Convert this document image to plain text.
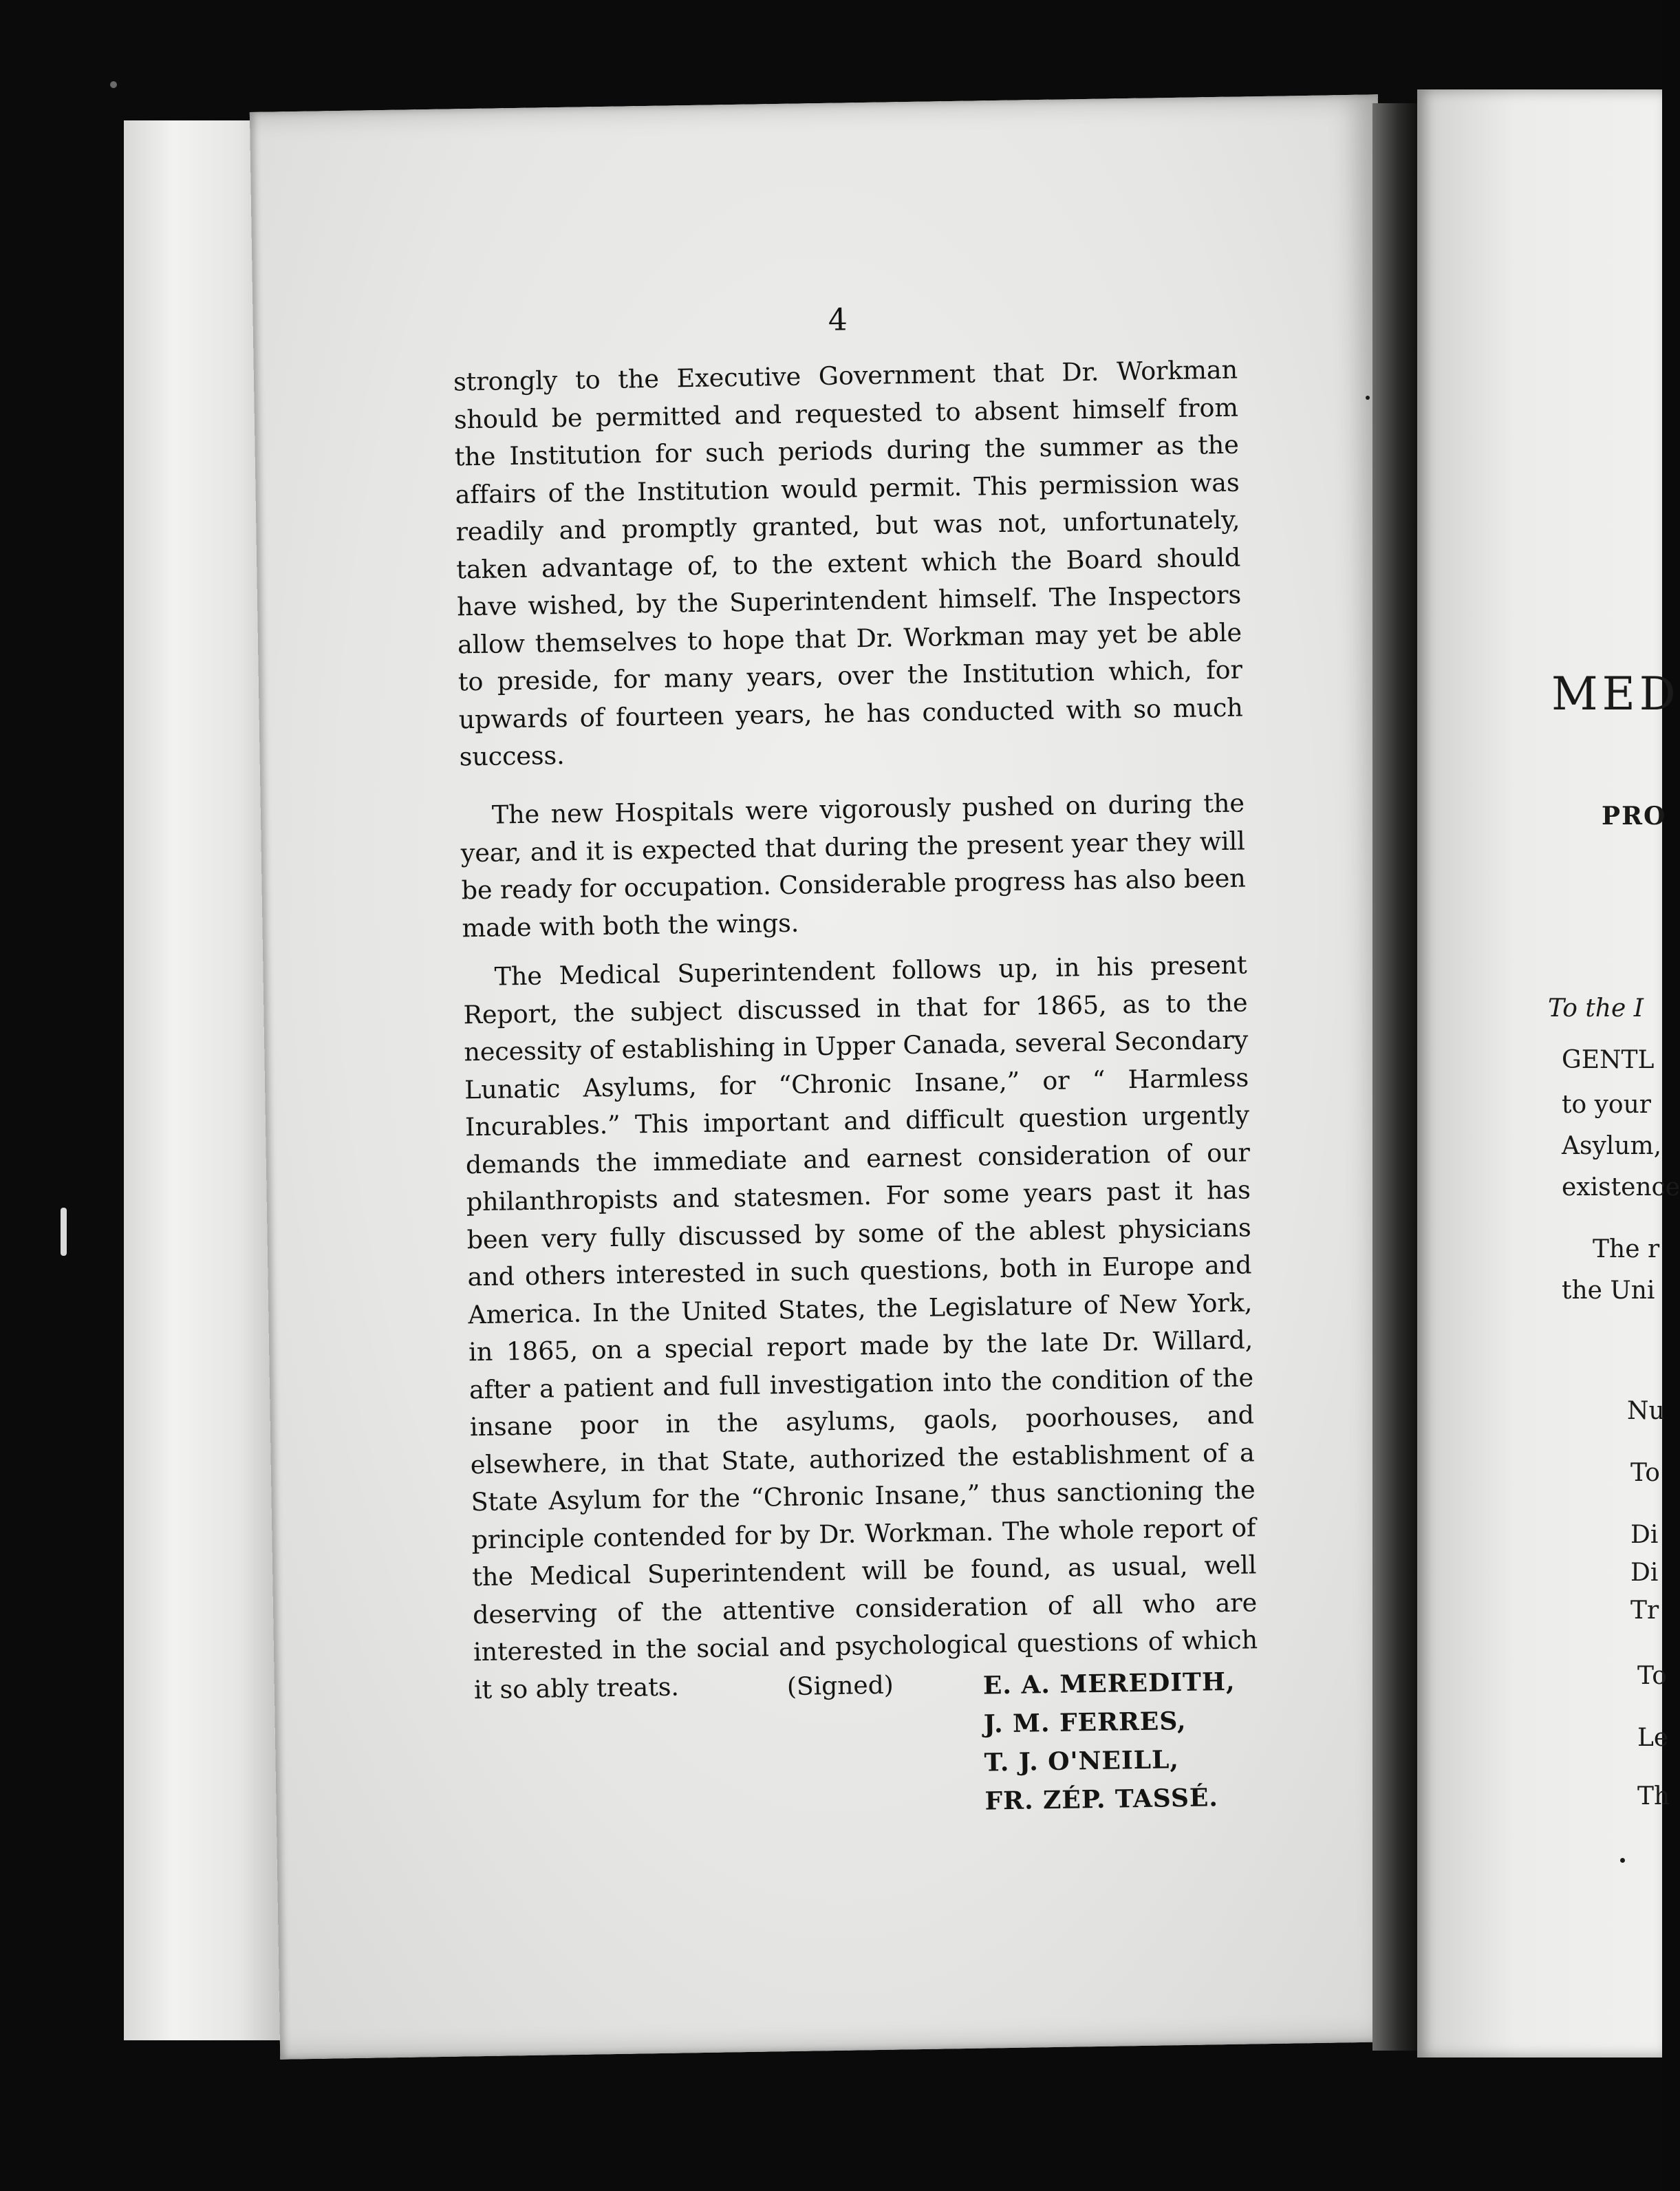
4

strongly to the Executive Government that Dr. Workman should be permitted and requested to absent himself from the Institution for such periods during the summer as the affairs of the Institution would permit. This permission was readily and promptly granted, but was not, unfortunately, taken advantage of, to the extent which the Board should have wished, by the Superintendent himself. The Inspectors allow themselves to hope that Dr. Workman may yet be able to preside, for many years, over the Institution which, for upwards of fourteen years, he has conducted with so much success.

The new Hospitals were vigorously pushed on during the year, and it is expected that during the present year they will be ready for occupation. Considerable progress has also been made with both the wings.

The Medical Superintendent follows up, in his present Report, the subject discussed in that for 1865, as to the necessity of establishing in Upper Canada, several Secondary Lunatic Asylums, for “Chronic Insane,” or “ Harmless Incurables.” This important and difficult question urgently demands the immediate and earnest consideration of our philanthropists and statesmen. For some years past it has been very fully discussed by some of the ablest physicians and others interested in such questions, both in Europe and America. In the United States, the Legislature of New York, in 1865, on a special report made by the late Dr. Willard, after a patient and full investigation into the condition of the insane poor in the asylums, gaols, poorhouses, and elsewhere, in that State, authorized the establishment of a State Asylum for the “Chronic Insane,” thus sanctioning the principle contended for by Dr. Workman. The whole report of the Medical Superintendent will be found, as usual, well deserving of the attentive consideration of all who are interested in the social and psychological questions of which it so ably treats.	(Signed)	E. A. MEREDITH,
J. M. FERRES,
T. J. O'NEILL,
FR. ZÉP. TASSÉ.
MED
PRO
To the I
GENTL
to your
Asylum,
existence
The r
the Uni
Nu
To
Di
Di
Tr
To
Le
Th
